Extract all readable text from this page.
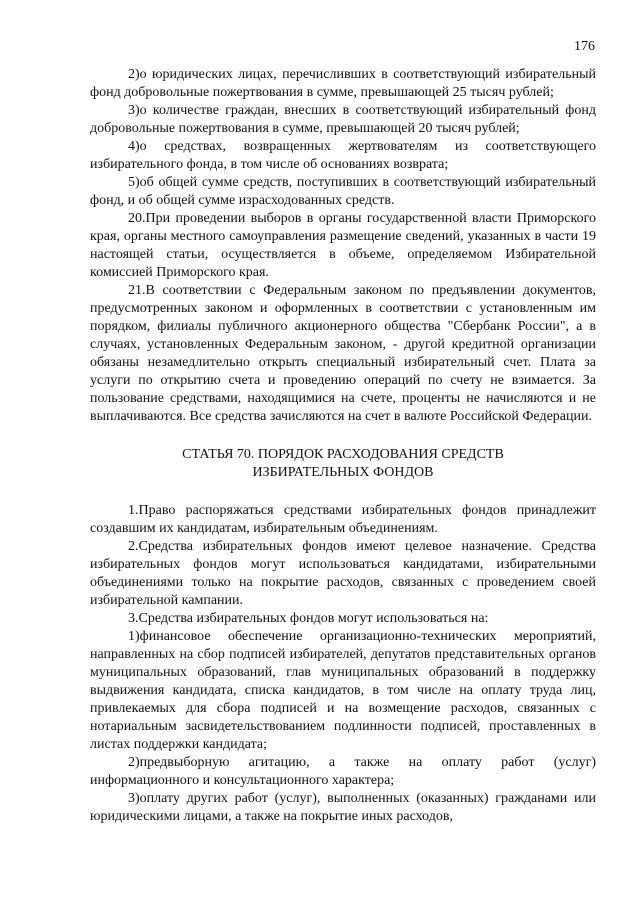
176

2)о юридических лицах, перечисливших в соответствующий избирательный фонд добровольные пожертвования в сумме, превышающей 25 тысяч рублей;

3)о количестве граждан, внесших в соответствующий избирательный фонд добровольные пожертвования в сумме, превышающей 20 тысяч рублей;

4)о средствах, возвращенных жертвователям из соответствующего избирательного фонда, в том числе об основаниях возврата;

5)об общей сумме средств, поступивших в соответствующий избирательный фонд, и об общей сумме израсходованных средств.

20.При проведении выборов в органы государственной власти Приморского края, органы местного самоуправления размещение сведений, указанных в части 19 настоящей статьи, осуществляется в объеме, определяемом Избирательной комиссией Приморского края.

21.В соответствии с Федеральным законом по предъявлении документов, предусмотренных законом и оформленных в соответствии с установленным им порядком, филиалы публичного акционерного общества "Сбербанк России", а в случаях, установленных Федеральным законом, - другой кредитной организации обязаны незамедлительно открыть специальный избирательный счет. Плата за услуги по открытию счета и проведению операций по счету не взимается. За пользование средствами, находящимися на счете, проценты не начисляются и не выплачиваются. Все средства зачисляются на счет в валюте Российской Федерации.

СТАТЬЯ 70. ПОРЯДОК РАСХОДОВАНИЯ СРЕДСТВ
ИЗБИРАТЕЛЬНЫХ ФОНДОВ

1.Право распоряжаться средствами избирательных фондов принадлежит создавшим их кандидатам, избирательным объединениям.

2.Средства избирательных фондов имеют целевое назначение. Средства избирательных фондов могут использоваться кандидатами, избирательными объединениями только на покрытие расходов, связанных с проведением своей избирательной кампании.

3.Средства избирательных фондов могут использоваться на:

1)финансовое обеспечение организационно-технических мероприятий, направленных на сбор подписей избирателей, депутатов представительных органов муниципальных образований, глав муниципальных образований в поддержку выдвижения кандидата, списка кандидатов, в том числе на оплату труда лиц, привлекаемых для сбора подписей и на возмещение расходов, связанных с нотариальным засвидетельствованием подлинности подписей, проставленных в листах поддержки кандидата;

2)предвыборную агитацию, а также на оплату работ (услуг) информационного и консультационного характера;

3)оплату других работ (услуг), выполненных (оказанных) гражданами или юридическими лицами, а также на покрытие иных расходов,
